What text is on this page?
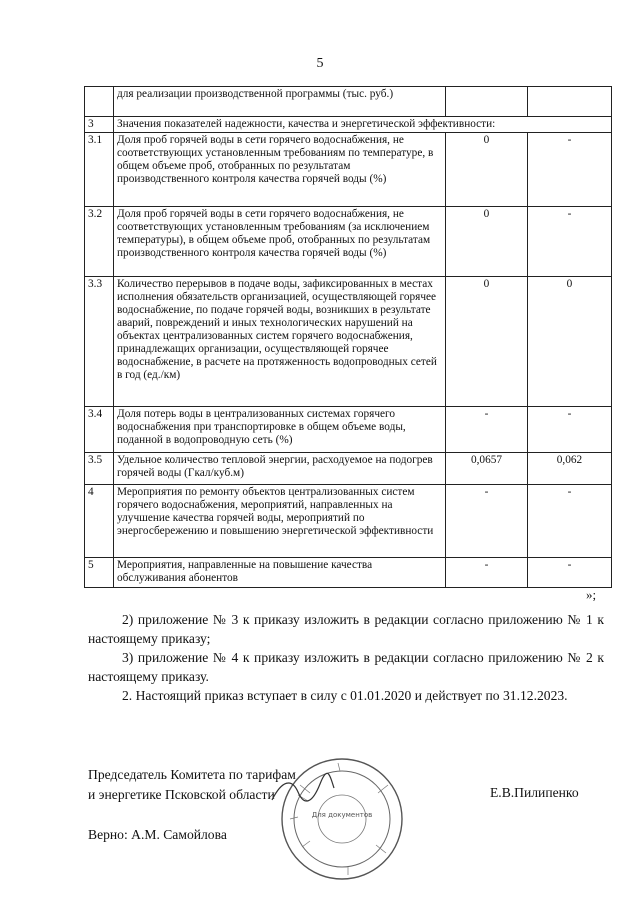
5
	для реализации производственной программы (тыс. руб.)		
3	Значения показателей надежности, качества и энергетической эффективности:		
3.1	Доля проб горячей воды в сети горячего водоснабжения, не соответствующих установленным требованиям по температуре, в общем объеме проб, отобранных по результатам производственного контроля качества горячей воды (%)	0	-
3.2	Доля проб горячей воды в сети горячего водоснабжения, не соответствующих установленным требованиям (за исключением температуры), в общем объеме проб, отобранных по результатам производственного контроля качества горячей воды (%)	0	-
3.3	Количество перерывов в подаче воды, зафиксированных в местах исполнения обязательств организацией, осуществляющей горячее водоснабжение, по подаче горячей воды, возникших в результате аварий, повреждений и иных технологических нарушений на объектах централизованных систем горячего водоснабжения, принадлежащих организации, осуществляющей горячее водоснабжение, в расчете на протяженность водопроводных сетей в год (ед./км)	0	0
3.4	Доля потерь воды в централизованных системах горячего водоснабжения при транспортировке в общем объеме воды, поданной в водопроводную сеть (%)	-	-
3.5	Удельное количество тепловой энергии, расходуемое на подогрев горячей воды (Гкал/куб.м)	0,0657	0,062
4	Мероприятия по ремонту объектов централизованных систем горячего водоснабжения, мероприятий, направленных на улучшение качества горячей воды, мероприятий по энергосбережению и повышению энергетической эффективности	-	-
5	Мероприятия, направленные на повышение качества обслуживания абонентов	-	-
»;
2) приложение № 3 к приказу изложить в редакции согласно приложению № 1 к настоящему приказу;
3) приложение № 4 к приказу изложить в редакции согласно приложению № 2 к настоящему приказу.
2. Настоящий приказ вступает в силу с 01.01.2020 и действует по 31.12.2023.
Председатель Комитета по тарифам
и энергетике Псковской области	Е.В.Пилипенко
Верно: А.М. Самойлова
Для документов
